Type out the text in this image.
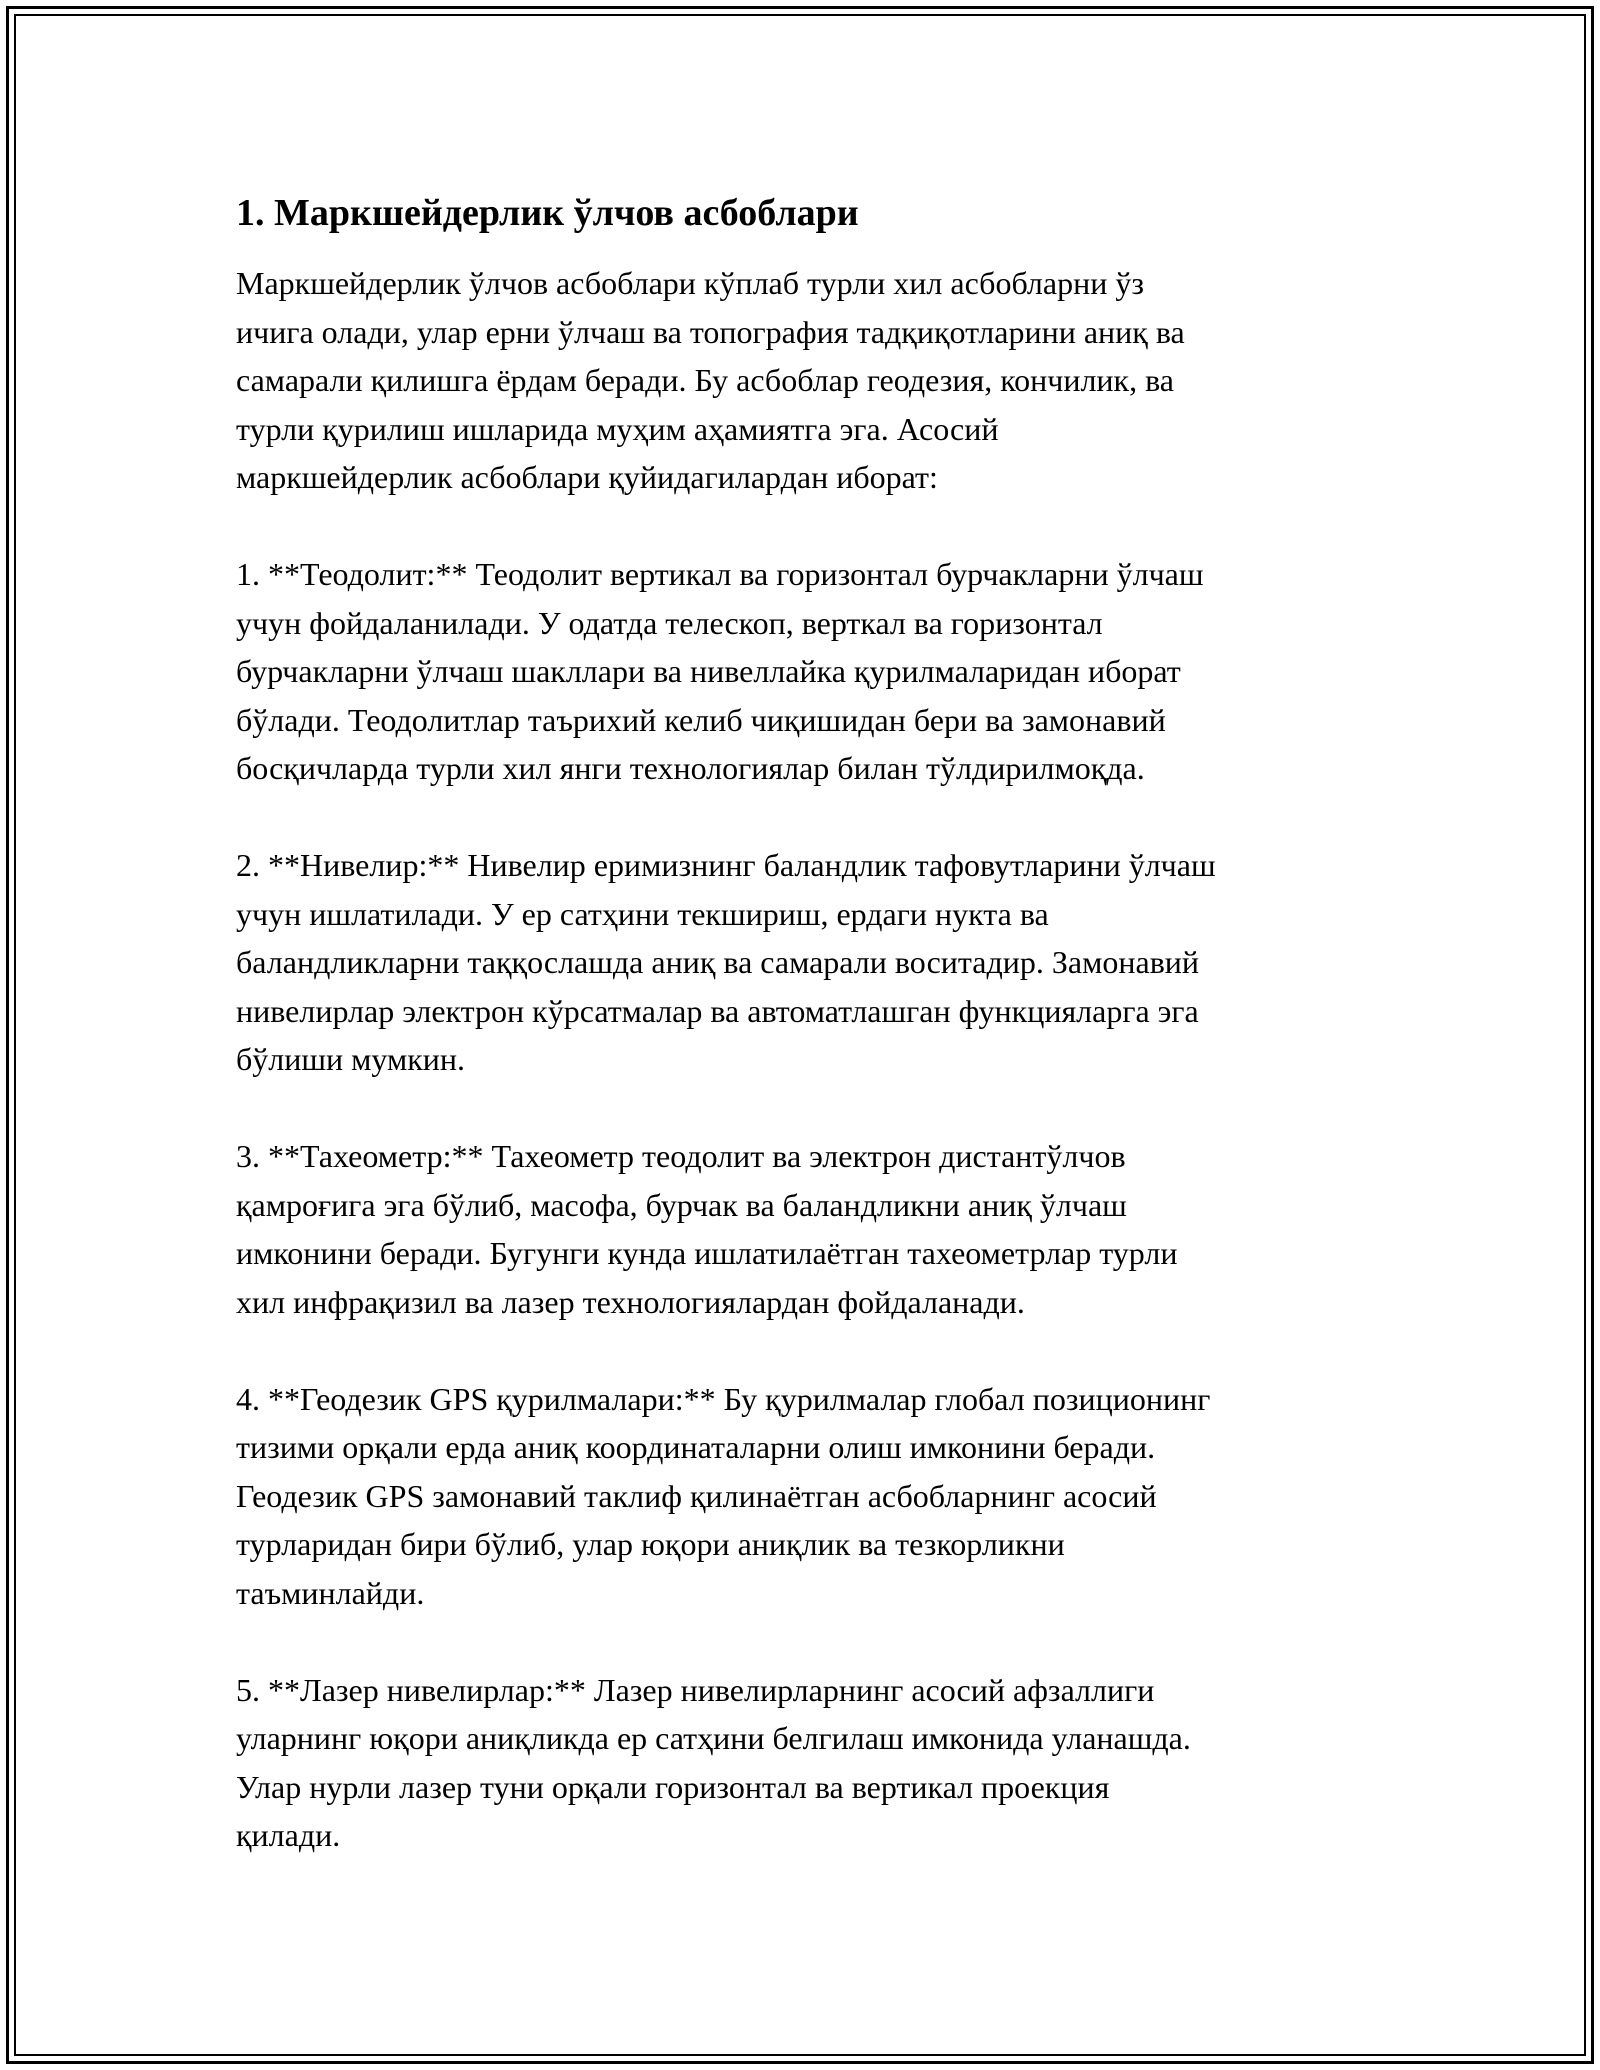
1. Маркшейдерлик ўлчов асбоблари

Маркшейдерлик ўлчов асбоблари кўплаб турли хил асбобларни ўз
ичига олади, улар ерни ўлчаш ва топография тадқиқотларини аниқ ва
самарали қилишга ёрдам беради. Бу асбоблар геодезия, кончилик, ва
турли қурилиш ишларида муҳим аҳамиятга эга. Асосий
маркшейдерлик асбоблари қуйидагилардан иборат:

1. **Теодолит:** Теодолит вертикал ва горизонтал бурчакларни ўлчаш
учун фойдаланилади. У одатда телескоп, верткал ва горизонтал
бурчакларни ўлчаш шакллари ва нивеллайка қурилмаларидан иборат
бўлади. Теодолитлар таърихий келиб чиқишидан бери ва замонавий
босқичларда турли хил янги технологиялар билан тўлдирилмоқда.

2. **Нивелир:** Нивелир еримизнинг баландлик тафовутларини ўлчаш
учун ишлатилади. У ер сатҳини текшириш, ердаги нукта ва
баландликларни таққослашда аниқ ва самарали воситадир. Замонавий
нивелирлар электрон кўрсатмалар ва автоматлашган функцияларга эга
бўлиши мумкин.

3. **Тахеометр:** Тахеометр теодолит ва электрон дистантўлчов
қамроғига эга бўлиб, масофа, бурчак ва баландликни аниқ ўлчаш
имконини беради. Бугунги кунда ишлатилаётган тахеометрлар турли
хил инфрақизил ва лазер технологиялардан фойдаланади.

4. **Геодезик GPS қурилмалари:** Бу қурилмалар глобал позиционинг
тизими орқали ерда аниқ координаталарни олиш имконини беради.
Геодезик GPS замонавий таклиф қилинаётган асбобларнинг асосий
турларидан бири бўлиб, улар юқори аниқлик ва тезкорликни
таъминлайди.

5. **Лазер нивелирлар:** Лазер нивелирларнинг асосий афзаллиги
уларнинг юқори аниқликда ер сатҳини белгилаш имконида уланашда.
Улар нурли лазер туни орқали горизонтал ва вертикал проекция
қилади.
